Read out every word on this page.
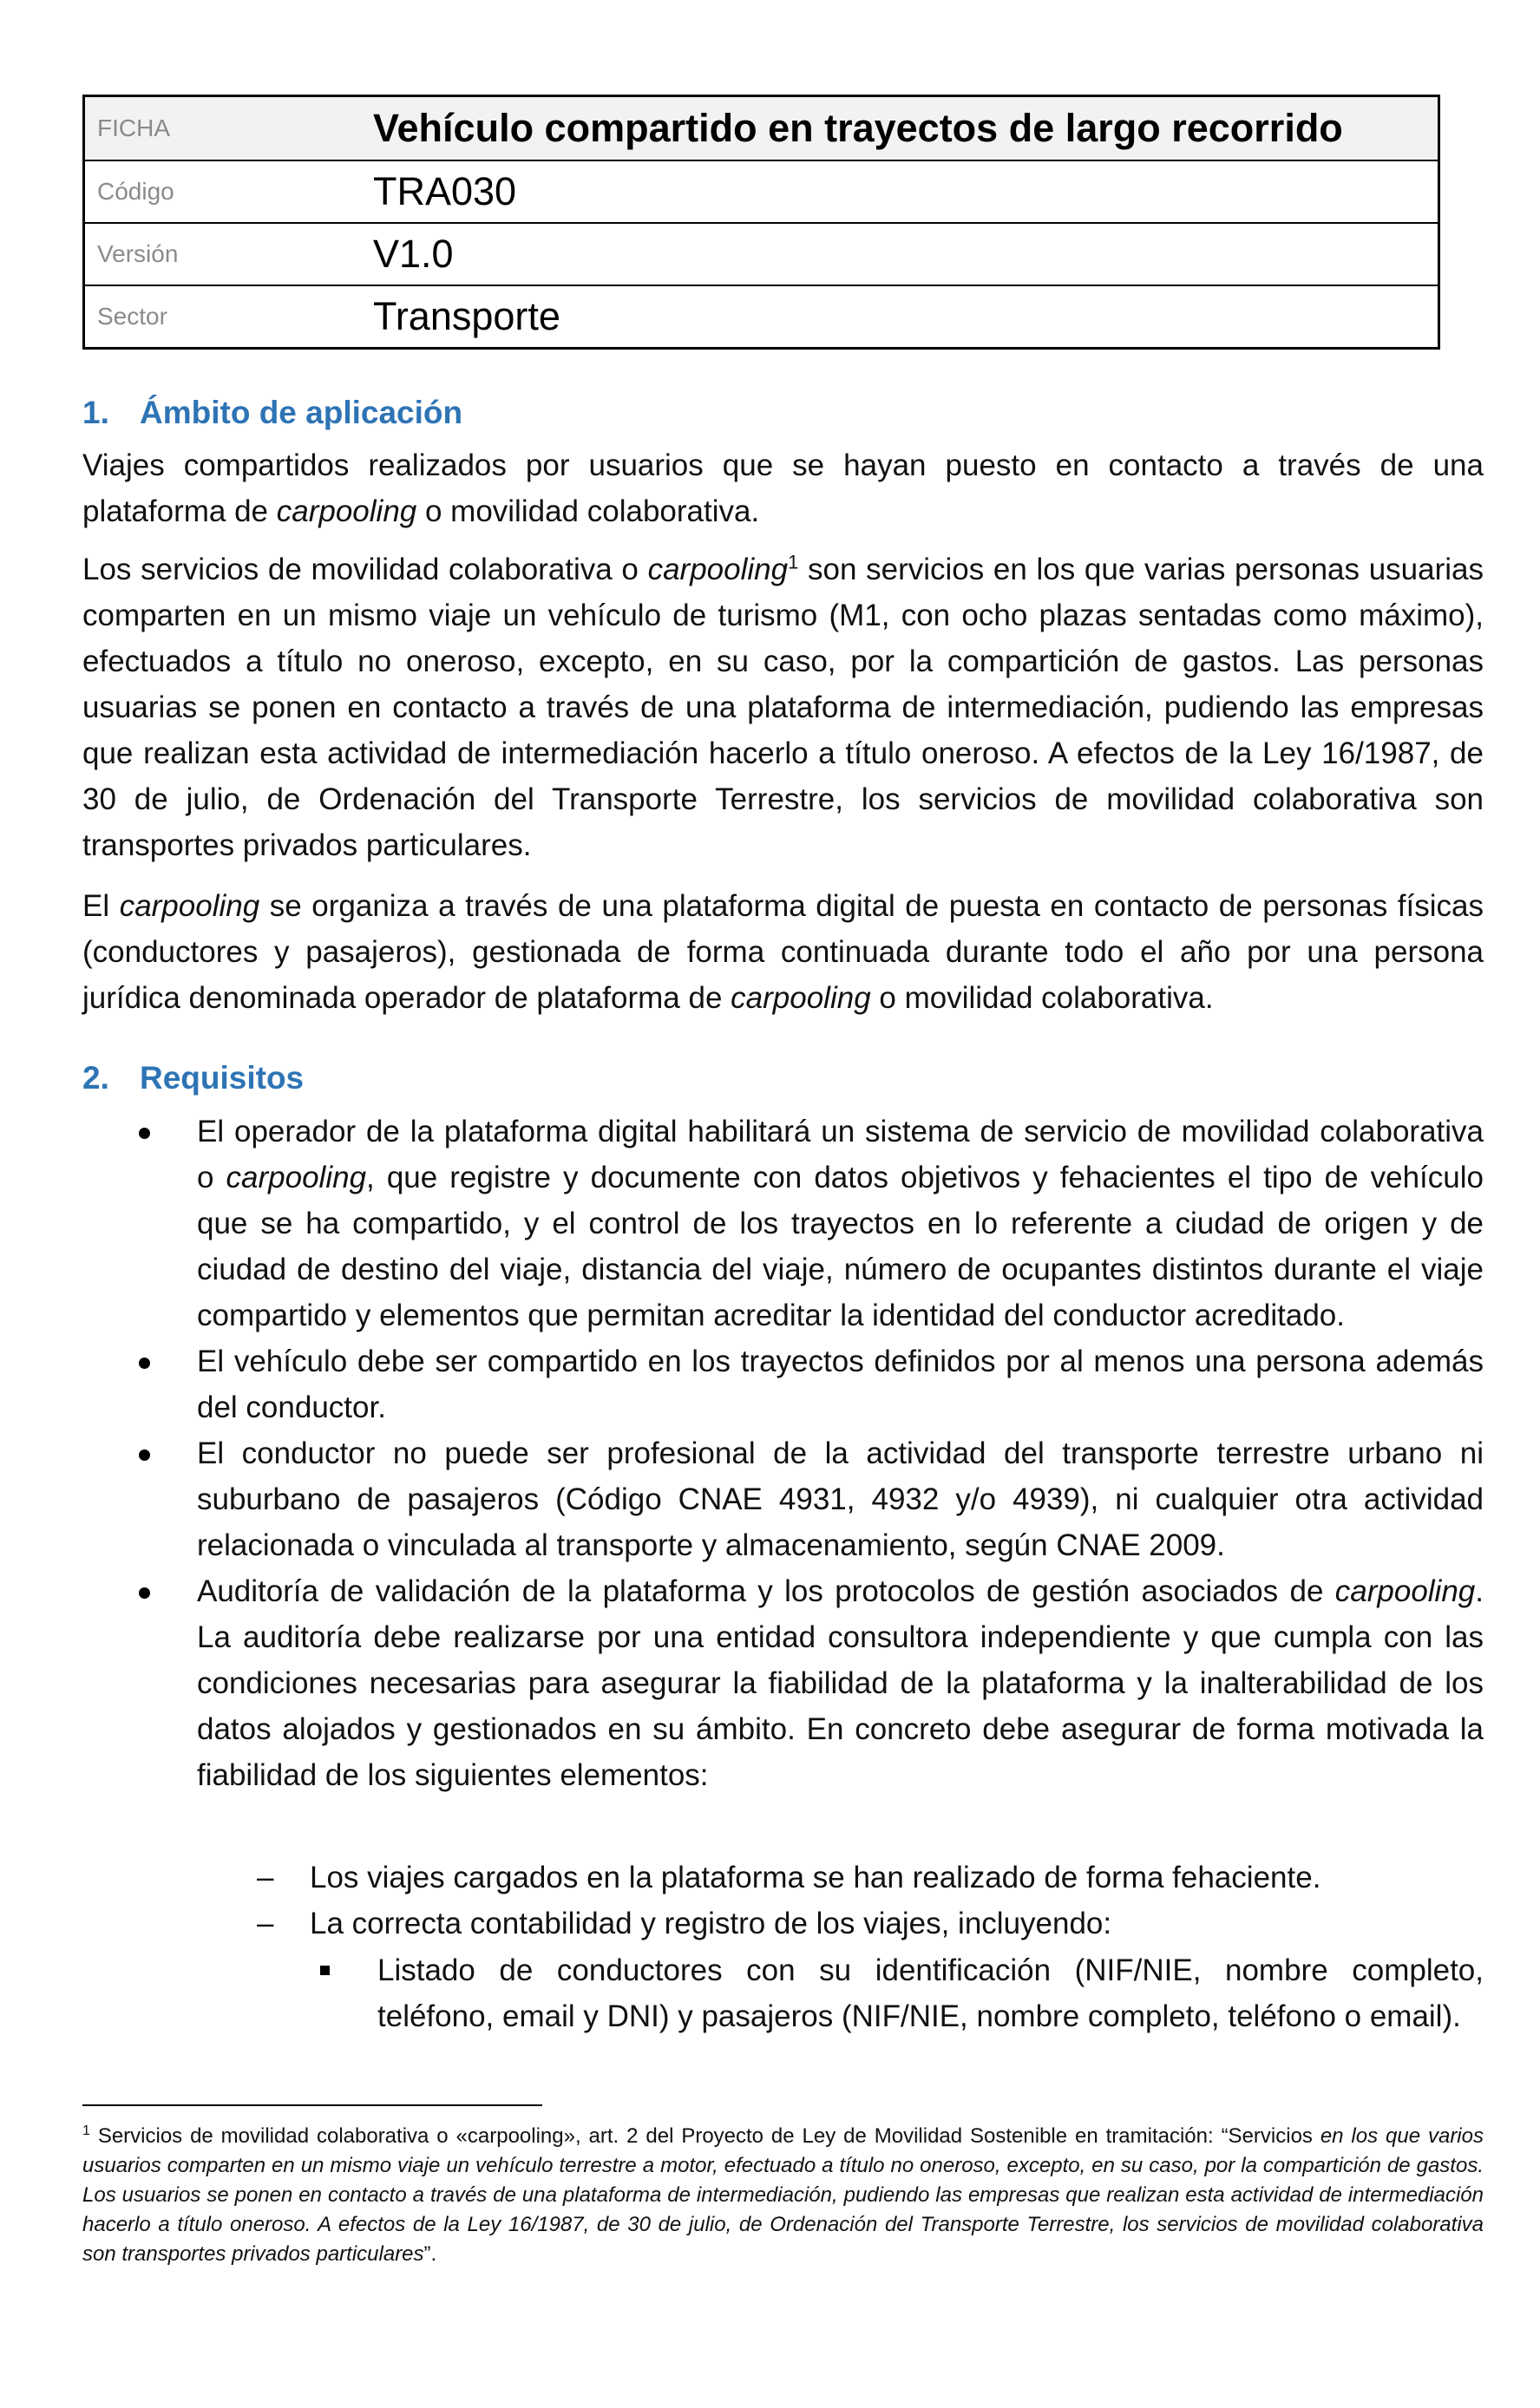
FICHA	Vehículo compartido en trayectos de largo recorrido
Código	TRA030
Versión	V1.0
Sector	Transporte
1. Ámbito de aplicación
Viajes compartidos realizados por usuarios que se hayan puesto en contacto a través de una plataforma de carpooling o movilidad colaborativa.
Los servicios de movilidad colaborativa o carpooling$^1$ son servicios en los que varias personas usuarias comparten en un mismo viaje un vehículo de turismo (M1, con ocho plazas sentadas como máximo), efectuados a título no oneroso, excepto, en su caso, por la compartición de gastos. Las personas usuarias se ponen en contacto a través de una plataforma de intermediación, pudiendo las empresas que realizan esta actividad de intermediación hacerlo a título oneroso. A efectos de la Ley 16/1987, de 30 de julio, de Ordenación del Transporte Terrestre, los servicios de movilidad colaborativa son transportes privados particulares.
El carpooling se organiza a través de una plataforma digital de puesta en contacto de personas físicas (conductores y pasajeros), gestionada de forma continuada durante todo el año por una persona jurídica denominada operador de plataforma de carpooling o movilidad colaborativa.
2. Requisitos
El operador de la plataforma digital habilitará un sistema de servicio de movilidad colaborativa o carpooling, que registre y documente con datos objetivos y fehacientes el tipo de vehículo que se ha compartido, y el control de los trayectos en lo referente a ciudad de origen y de ciudad de destino del viaje, distancia del viaje, número de ocupantes distintos durante el viaje compartido y elementos que permitan acreditar la identidad del conductor acreditado.
El vehículo debe ser compartido en los trayectos definidos por al menos una persona además del conductor.
El conductor no puede ser profesional de la actividad del transporte terrestre urbano ni suburbano de pasajeros (Código CNAE 4931, 4932 y/o 4939), ni cualquier otra actividad relacionada o vinculada al transporte y almacenamiento, según CNAE 2009.
Auditoría de validación de la plataforma y los protocolos de gestión asociados de carpooling. La auditoría debe realizarse por una entidad consultora independiente y que cumpla con las condiciones necesarias para asegurar la fiabilidad de la plataforma y la inalterabilidad de los datos alojados y gestionados en su ámbito. En concreto debe asegurar de forma motivada la fiabilidad de los siguientes elementos:
– Los viajes cargados en la plataforma se han realizado de forma fehaciente.
– La correcta contabilidad y registro de los viajes, incluyendo:
Listado de conductores con su identificación (NIF/NIE, nombre completo, teléfono, email y DNI) y pasajeros (NIF/NIE, nombre completo, teléfono o email).
$^1$ Servicios de movilidad colaborativa o «carpooling», art. 2 del Proyecto de Ley de Movilidad Sostenible en tramitación: “Servicios en los que varios usuarios comparten en un mismo viaje un vehículo terrestre a motor, efectuado a título no oneroso, excepto, en su caso, por la compartición de gastos. Los usuarios se ponen en contacto a través de una plataforma de intermediación, pudiendo las empresas que realizan esta actividad de intermediación hacerlo a título oneroso. A efectos de la Ley 16/1987, de 30 de julio, de Ordenación del Transporte Terrestre, los servicios de movilidad colaborativa son transportes privados particulares”.
